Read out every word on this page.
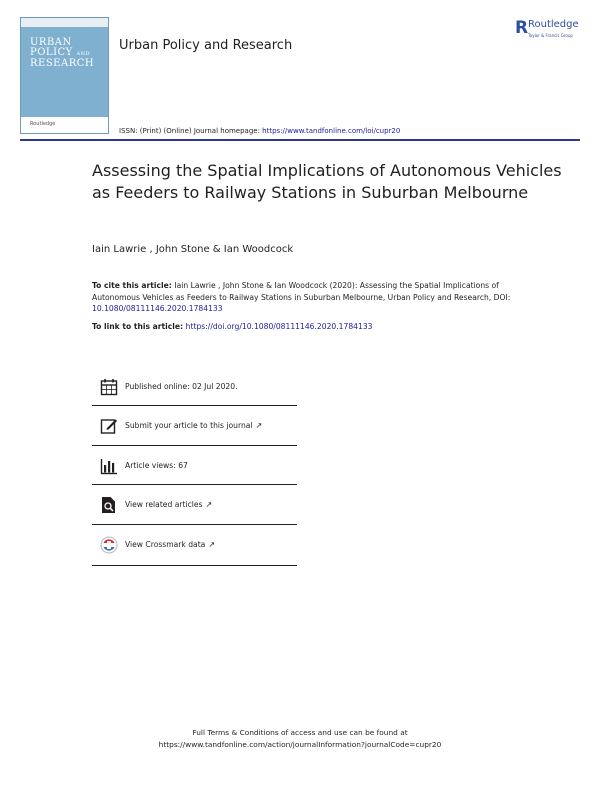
URBAN
POLICY AND
RESEARCH
Routledge
Urban Policy and Research
R Routledge
Taylor & Francis Group
ISSN: (Print) (Online) Journal homepage: https://www.tandfonline.com/loi/cupr20
Assessing the Spatial Implications of Autonomous Vehicles as Feeders to Railway Stations in Suburban Melbourne
Iain Lawrie , John Stone & Ian Woodcock
To cite this article: Iain Lawrie , John Stone & Ian Woodcock (2020): Assessing the Spatial Implications of Autonomous Vehicles as Feeders to Railway Stations in Suburban Melbourne, Urban Policy and Research, DOI: 10.1080/08111146.2020.1784133
To link to this article: https://doi.org/10.1080/08111146.2020.1784133
Published online: 02 Jul 2020.
Submit your article to this journal ↗
Article views: 67
View related articles ↗
View Crossmark data ↗
Full Terms & Conditions of access and use can be found at
https://www.tandfonline.com/action/journalInformation?journalCode=cupr20
